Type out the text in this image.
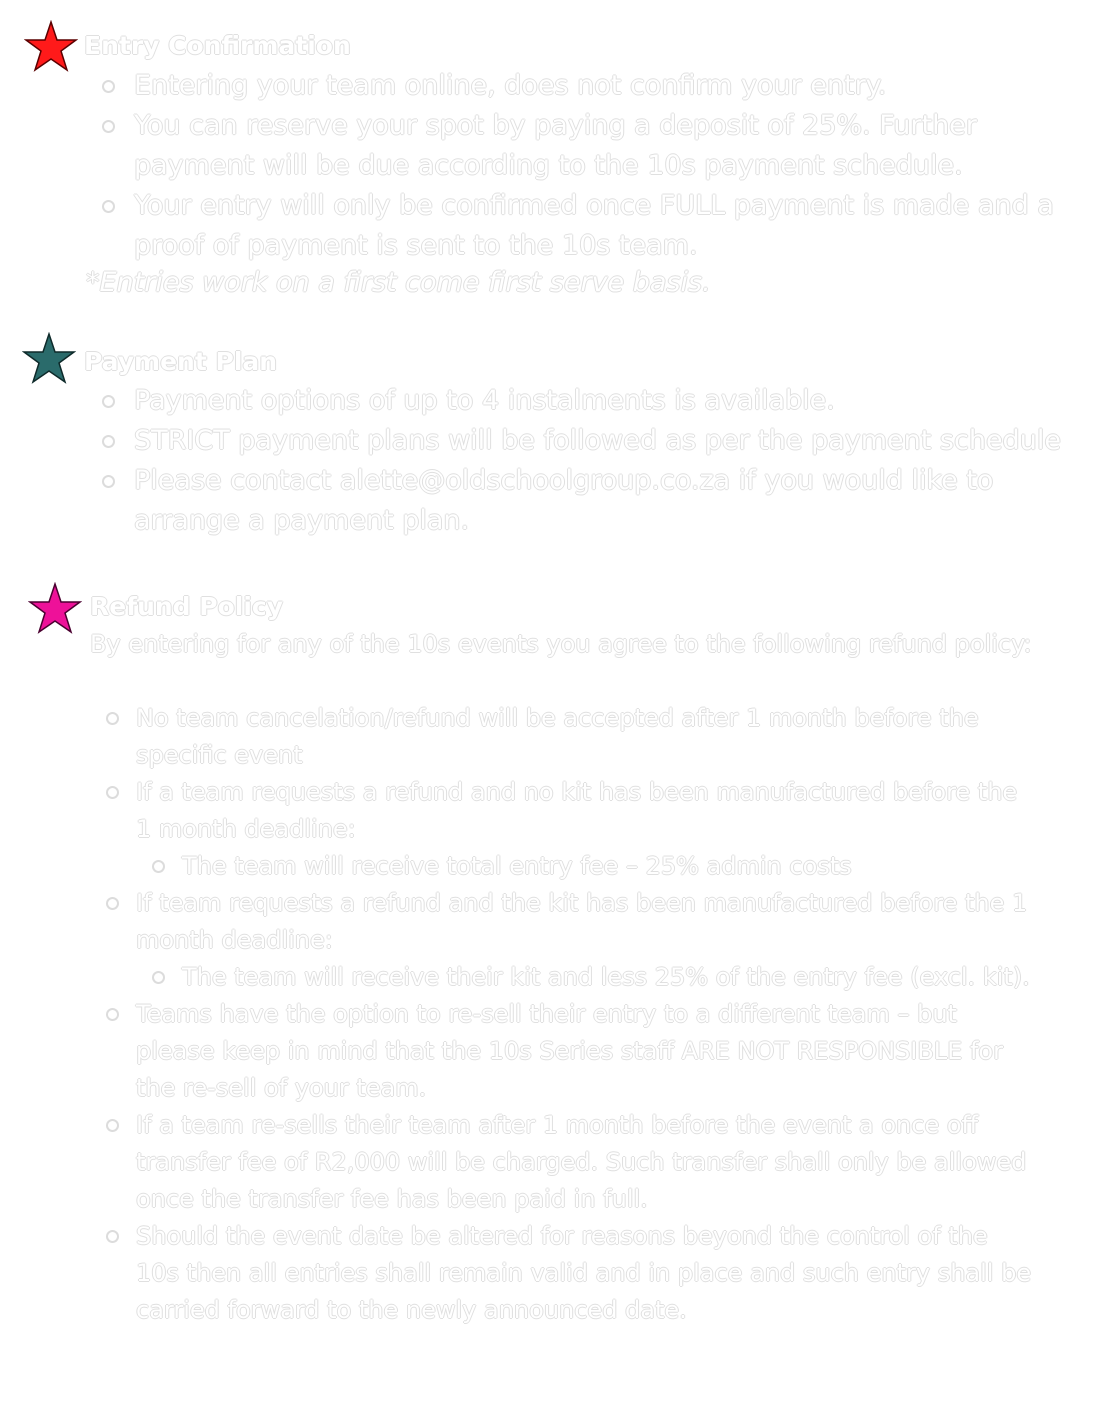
Entry Confirmation
Entering your team online, does not confirm your entry.
You can reserve your spot by paying a deposit of 25%. Further payment will be due according to the 10s payment schedule.
Your entry will only be confirmed once FULL payment is made and a proof of payment is sent to the 10s team.
*Entries work on a first come first serve basis.
Payment Plan
Payment options of up to 4 instalments is available.
STRICT payment plans will be followed as per the payment schedule
Please contact alette@oldschoolgroup.co.za if you would like to arrange a payment plan.
Refund Policy
By entering for any of the 10s events you agree to the following refund policy:
No team cancelation/refund will be accepted after 1 month before the specific event
If a team requests a refund and no kit has been manufactured before the 1 month deadline:
The team will receive total entry fee – 25% admin costs
If team requests a refund and the kit has been manufactured before the 1 month deadline:
The team will receive their kit and less 25% of the entry fee (excl. kit).
Teams have the option to re-sell their entry to a different team – but please keep in mind that the 10s Series staff ARE NOT RESPONSIBLE for the re-sell of your team.
If a team re-sells their team after 1 month before the event a once off transfer fee of R2,000 will be charged. Such transfer shall only be allowed once the transfer fee has been paid in full.
Should the event date be altered for reasons beyond the control of the 10s then all entries shall remain valid and in place and such entry shall be carried forward to the newly announced date.
